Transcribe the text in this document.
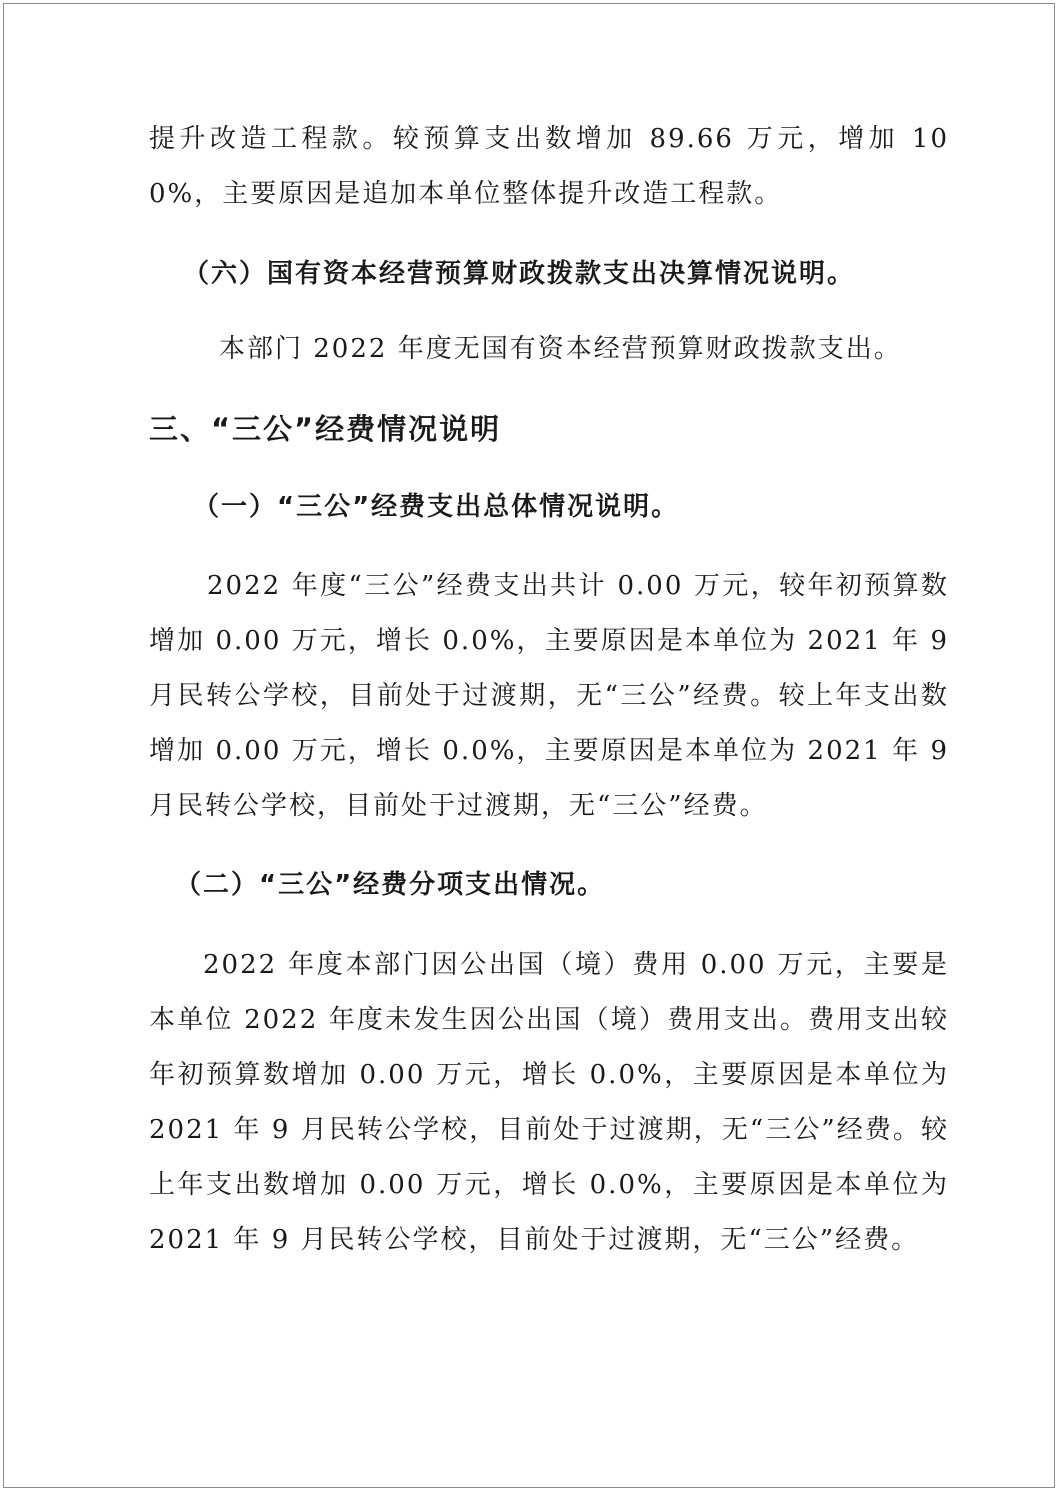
提升改造工程款。较预算支出数增加 89.66 万元，增加 100%，主要原因是追加本单位整体提升改造工程款。

（六）国有资本经营预算财政拨款支出决算情况说明。

本部门 2022 年度无国有资本经营预算财政拨款支出。

三、“三公”经费情况说明

（一）“三公”经费支出总体情况说明。

2022 年度“三公”经费支出共计 0.00 万元，较年初预算数增加 0.00 万元，增长 0.0%，主要原因是本单位为 2021 年 9 月民转公学校，目前处于过渡期，无“三公”经费。较上年支出数增加 0.00 万元，增长 0.0%，主要原因是本单位为 2021 年 9 月民转公学校，目前处于过渡期，无“三公”经费。

（二）“三公”经费分项支出情况。

2022 年度本部门因公出国（境）费用 0.00 万元，主要是本单位 2022 年度未发生因公出国（境）费用支出。费用支出较年初预算数增加 0.00 万元，增长 0.0%，主要原因是本单位为 2021 年 9 月民转公学校，目前处于过渡期，无“三公”经费。较上年支出数增加 0.00 万元，增长 0.0%，主要原因是本单位为 2021 年 9 月民转公学校，目前处于过渡期，无“三公”经费。
